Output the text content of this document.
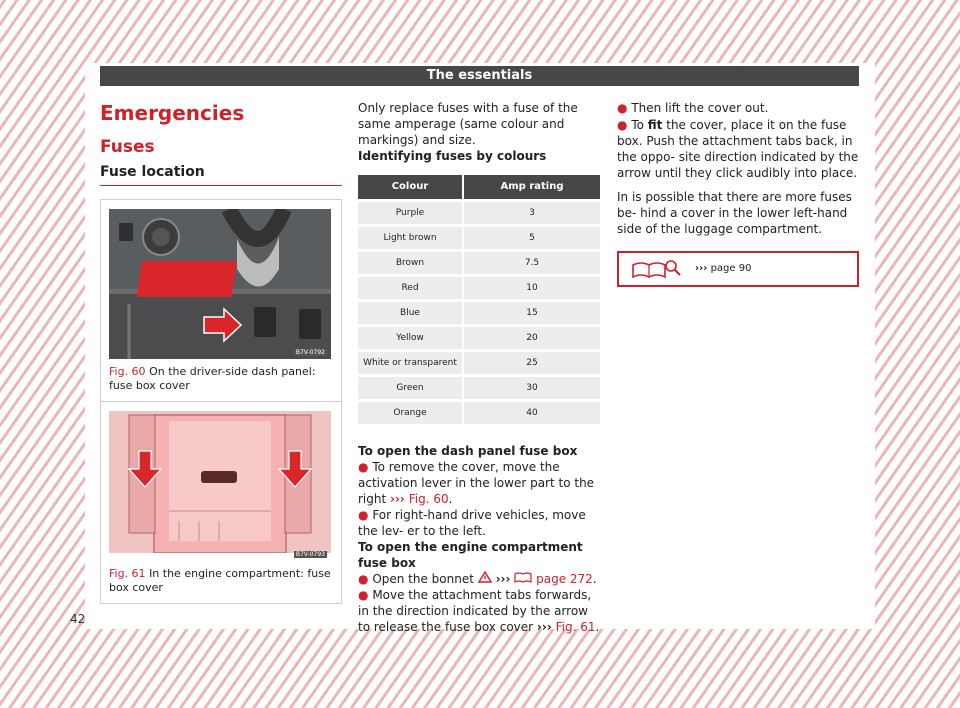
The essentials
Emergencies
Fuses
Fuse location
B7V-0792
Fig. 60 On the driver-side dash panel: fuse box cover
B7V-0793
Fig. 61 In the engine compartment: fuse box cover

Only replace fuses with a fuse of the same amperage (same colour and markings) and size.

Identifying fuses by colours

Colour	Amp rating
Purple	3
Light brown	5
Brown	7.5
Red	10
Blue	15
Yellow	20
White or transparent	25
Green	30
Orange	40

To open the dash panel fuse box

● To remove the cover, move the activation lever in the lower part to the right ››› Fig. 60.

● For right-hand drive vehicles, move the lev- er to the left.

To open the engine compartment fuse box

● Open the bonnet ››› page 272.

● Move the attachment tabs forwards, in the direction indicated by the arrow to release the fuse box cover ››› Fig. 61.

● Then lift the cover out.

● To fit the cover, place it on the fuse box. Push the attachment tabs back, in the oppo- site direction indicated by the arrow until they click audibly into place.

In is possible that there are more fuses be- hind a cover in the lower left-hand side of the luggage compartment.

››› page 90
42
